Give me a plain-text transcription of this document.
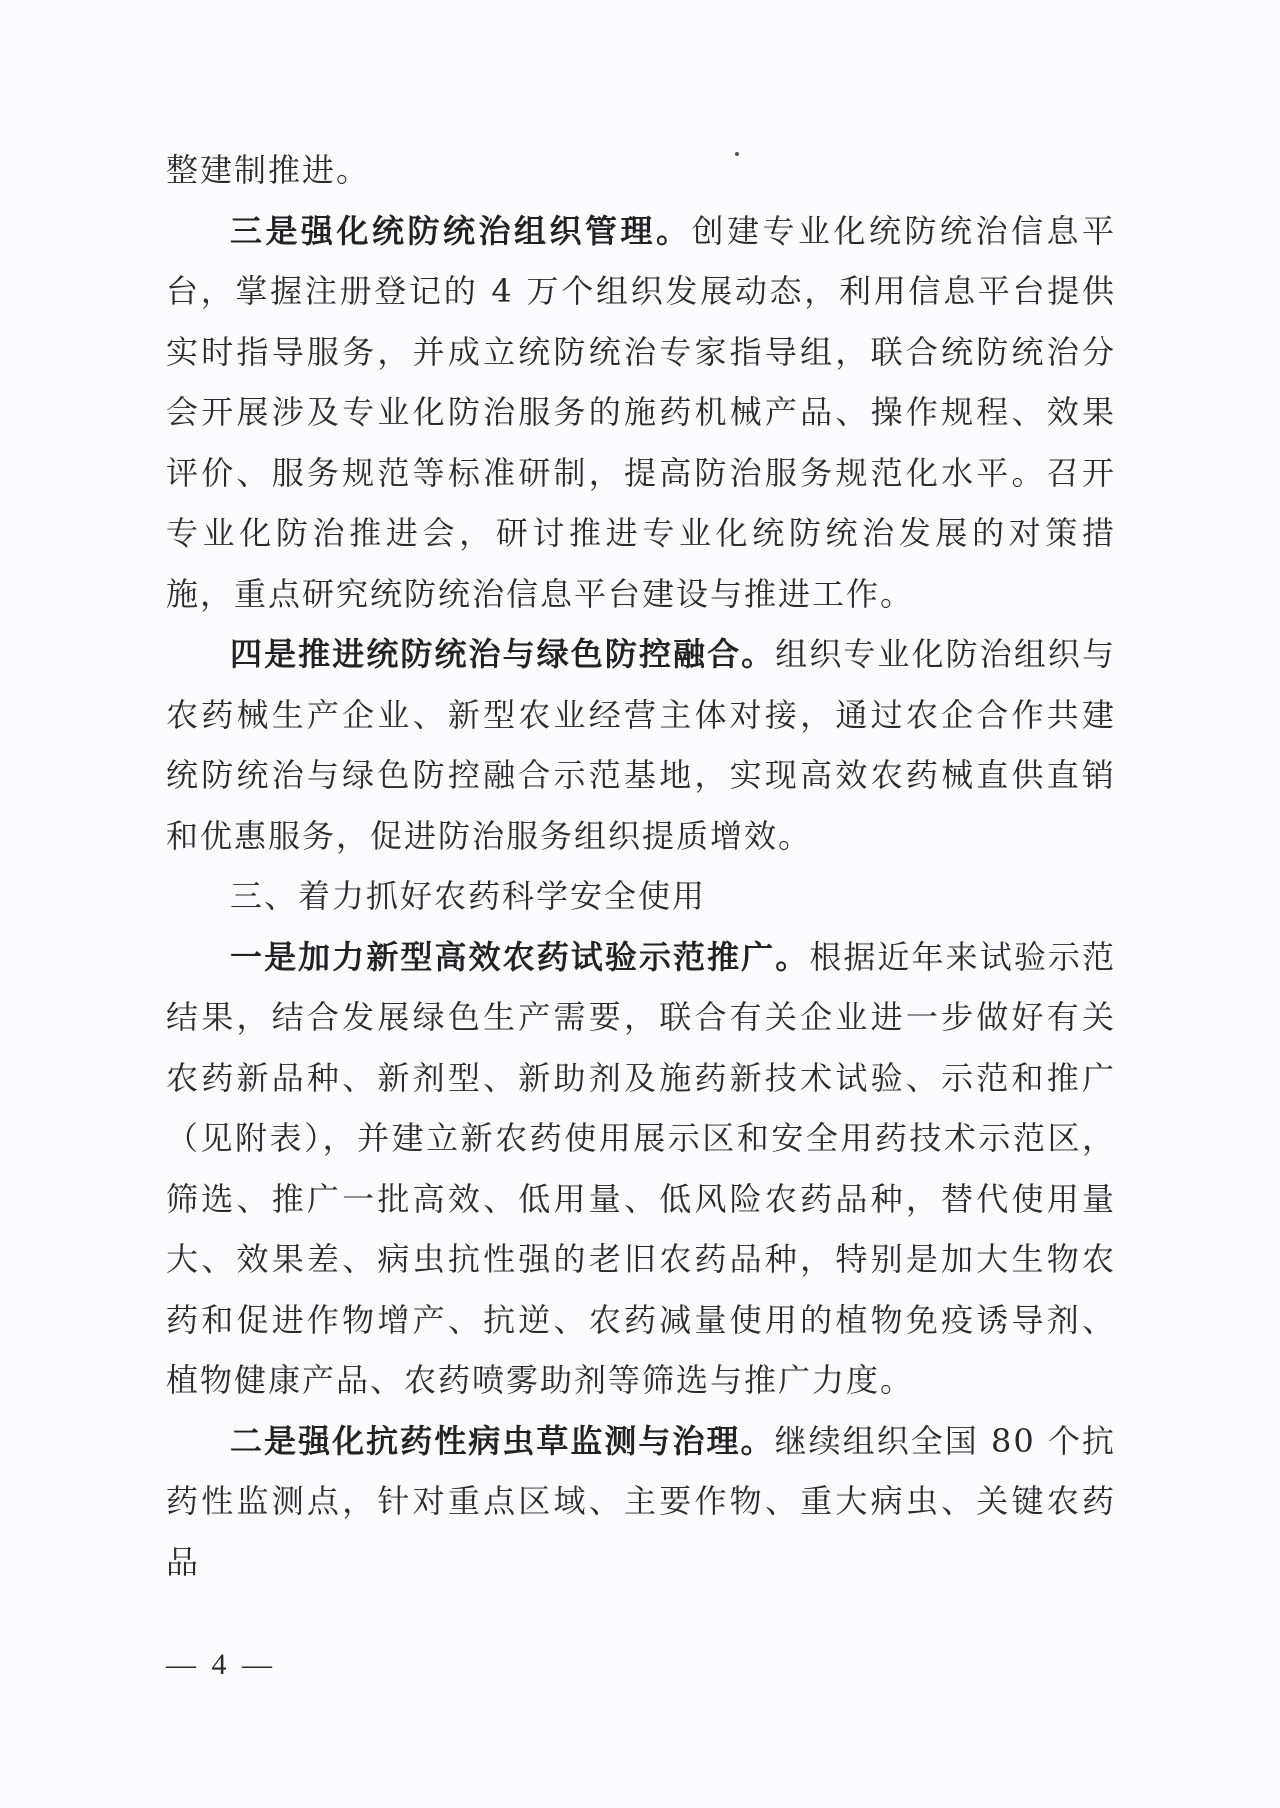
整建制推进。

三是强化统防统治组织管理。创建专业化统防统治信息平台，掌握注册登记的 4 万个组织发展动态，利用信息平台提供实时指导服务，并成立统防统治专家指导组，联合统防统治分会开展涉及专业化防治服务的施药机械产品、操作规程、效果评价、服务规范等标准研制，提高防治服务规范化水平。召开专业化防治推进会，研讨推进专业化统防统治发展的对策措施，重点研究统防统治信息平台建设与推进工作。

四是推进统防统治与绿色防控融合。组织专业化防治组织与农药械生产企业、新型农业经营主体对接，通过农企合作共建统防统治与绿色防控融合示范基地，实现高效农药械直供直销和优惠服务，促进防治服务组织提质增效。

三、着力抓好农药科学安全使用

一是加力新型高效农药试验示范推广。根据近年来试验示范结果，结合发展绿色生产需要，联合有关企业进一步做好有关农药新品种、新剂型、新助剂及施药新技术试验、示范和推广（见附表），并建立新农药使用展示区和安全用药技术示范区，筛选、推广一批高效、低用量、低风险农药品种，替代使用量大、效果差、病虫抗性强的老旧农药品种，特别是加大生物农药和促进作物增产、抗逆、农药减量使用的植物免疫诱导剂、植物健康产品、农药喷雾助剂等筛选与推广力度。

二是强化抗药性病虫草监测与治理。继续组织全国 80 个抗药性监测点，针对重点区域、主要作物、重大病虫、关键农药品

— 4 —
